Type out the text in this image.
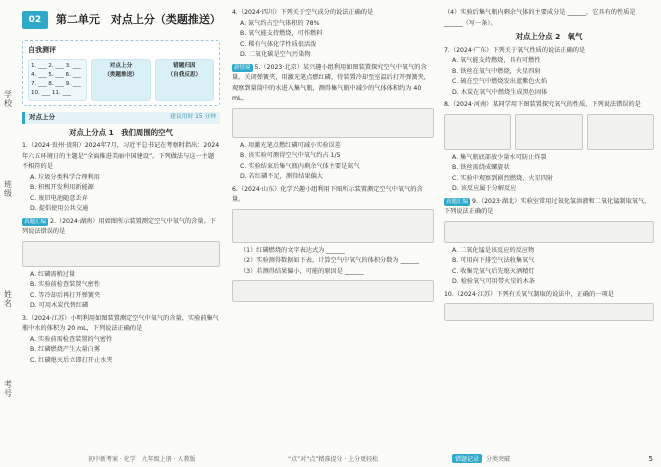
学校
班级
姓名
考号
02	第二单元　对点上分（类题推送）
自我测评
1. ___ 2. ___ 3. ___
4. ___ 5. ___ 6. ___
7. ___ 8. ___ 9. ___
10. ___ 11. ___
对点上分
（类题推送）
错题归因
（自我反思）
对点上分	建议用时 15 分钟
对点上分点 1　我们周围的空气
1.（2024·贵州·贵阳）2024年7月，习近平总书记在考察时指出：2024年六五环境日的主题是“全面推进美丽中国建设”。下列做法与这一主题不相符的是
A. 垃圾分类科学合理利用
B. 积极开发利用新能源
C. 废旧电池随意丢弃
D. 提倡使用公共交通
真题汇编 2.（2024·湖南）用如图所示装置测定空气中氧气的含量。下列说法错误的是
A. 红磷需稍过量
B. 实验前检查装置气密性
C. 等冷却后再打开弹簧夹
D. 可用木炭代替红磷
3.（2024·江苏）小明利用如图装置测定空气中氧气的含量，实验前集气瓶中水的体积为 20 mL，下列说法正确的是
A. 实验前需检查装置的气密性
B. 红磷燃烧产生大量白雾
C. 红磷熄灭后立即打开止水夹
4.（2024·四川）下列关于空气成分的说法正确的是
A. 氮气约占空气体积的 78%
B. 氧气能支持燃烧，可作燃料
C. 稀有气体化学性质很活泼
D. 二氧化碳是空气污染物
新情境 5.（2023·北京）某兴趣小组利用如图装置探究空气中氧气的含量。关闭弹簧夹，用激光笔点燃红磷，待装置冷却至室温后打开弹簧夹，观察到量筒中的水进入集气瓶，测得集气瓶中减少的气体体积约为 40 mL。
A. 用激光笔点燃红磷可减小实验误差
B. 该实验可测得空气中氧气约占 1/5
C. 实验结束后集气瓶内剩余气体主要是氮气
D. 若红磷不足，测得结果偏大
6.（2024·山东）化学兴趣小组利用下图所示装置测定空气中氧气的含量。
（1）红磷燃烧的文字表达式为 ______
（2）实验测得数据如下表，计算空气中氧气的体积分数为 ______
（3）若测得结果偏小，可能的原因是 ______
（4）实验后集气瓶内剩余气体的主要成分是 ______，它具有的性质是 ______（写一条）。
对点上分点 2　氧气
7.（2024·广东）下列关于氧气性质的说法正确的是
A. 氧气能支持燃烧，具有可燃性
B. 铁丝在氧气中燃烧，火星四射
C. 硫在空气中燃烧发出蓝紫色火焰
D. 木炭在氧气中燃烧生成黑色固体
8.（2024·河南）某同学用下图装置探究氧气的性质，下列说法错误的是
A. 集气瓶底部放少量水可防止炸裂
B. 铁丝需绕成螺旋状
C. 实验中观察到剧烈燃烧、火星四射
D. 该反应属于分解反应
真题汇编 9.（2023·湖北）实验室常用过氧化氢溶液和二氧化锰制取氧气，下列说法正确的是
A. 二氧化锰是该反应的反应物
B. 可用向下排空气法收集氧气
C. 收集完氧气后先熄灭酒精灯
D. 检验氧气可用带火星的木条
10.（2024·江苏）下列有关氧气制取的说法中，正确的一项是
初中新考案 · 化学　九年级上册 · 人教版	“点”对“点”精准提分 · 上分更轻松	错题记录	分类突破	5
